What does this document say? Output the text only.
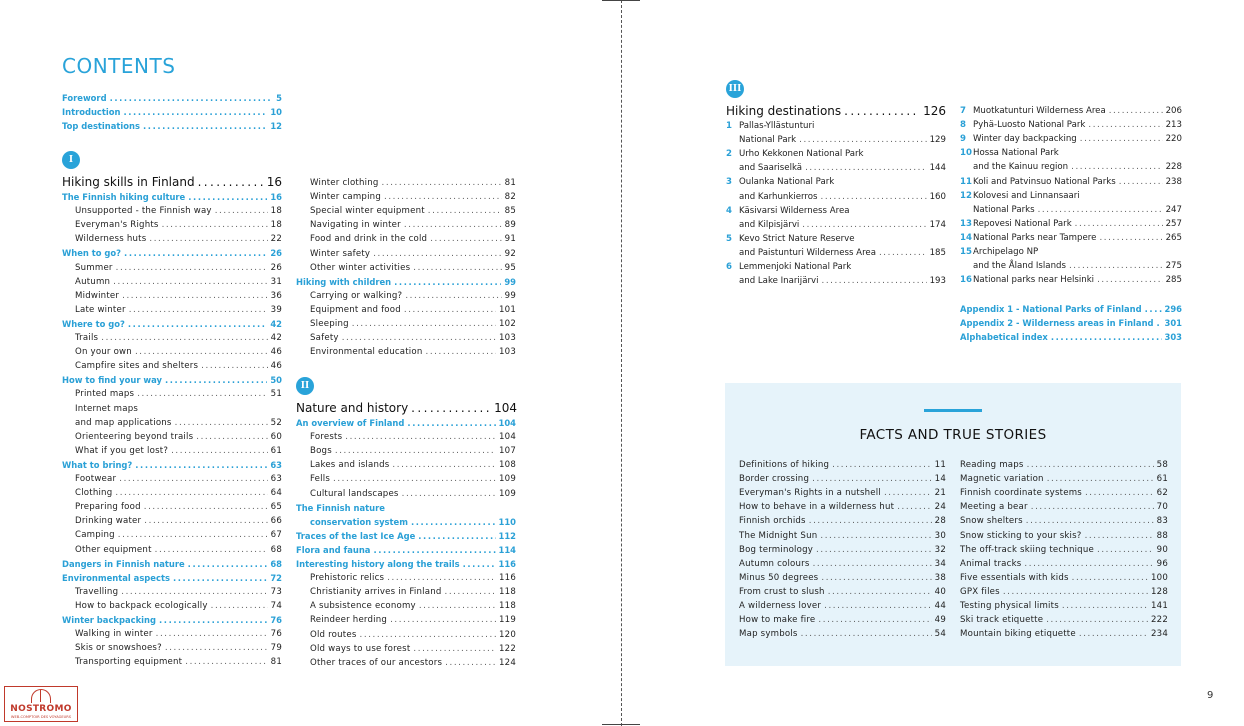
CONTENTS
FACTS AND TRUE STORIES
9
NOSTROMO
WEB-COMPTOIR DES VOYAGEURS
Foreword .....	5
Introduction .....	10
Top destinations .....	12
I
Hiking skills in Finland .....	16
The Finnish hiking culture .....	16
Unsupported - the Finnish way .....	18
Everyman's Rights .....	18
Wilderness huts .....	22
When to go? .....	26
Summer .....	26
Autumn .....	31
Midwinter .....	36
Late winter .....	39
Where to go? .....	42
Trails .....	42
On your own .....	46
Campfire sites and shelters .....	46
How to find your way .....	50
Printed maps .....	51
Internet maps
and map applications .....	52
Orienteering beyond trails .....	60
What if you get lost? .....	61
What to bring? .....	63
Footwear .....	63
Clothing .....	64
Preparing food .....	65
Drinking water .....	66
Camping .....	67
Other equipment .....	68
Dangers in Finnish nature .....	68
Environmental aspects .....	72
Travelling .....	73
How to backpack ecologically .....	74
Winter backpacking .....	76
Walking in winter .....	76
Skis or snowshoes? .....	79
Transporting equipment .....	81
Winter clothing .....	81
Winter camping .....	82
Special winter equipment .....	85
Navigating in winter .....	89
Food and drink in the cold .....	91
Winter safety .....	92
Other winter activities .....	95
Hiking with children .....	99
Carrying or walking? .....	99
Equipment and food .....	101
Sleeping .....	102
Safety .....	103
Environmental education .....	103
II
Nature and history .....	104
An overview of Finland .....	104
Forests .....	104
Bogs .....	107
Lakes and islands .....	108
Fells .....	109
Cultural landscapes .....	109
The Finnish nature
conservation system .....	110
Traces of the last Ice Age .....	112
Flora and fauna .....	114
Interesting history along the trails .....	116
Prehistoric relics .....	116
Christianity arrives in Finland .....	118
A subsistence economy .....	118
Reindeer herding .....	119
Old routes .....	120
Old ways to use forest .....	122
Other traces of our ancestors .....	124
III
Hiking destinations .....	126
1 Pallas-Yllästunturi
National Park .....	129
2 Urho Kekkonen National Park
and Saariselkä .....	144
3 Oulanka National Park
and Karhunkierros .....	160
4 Käsivarsi Wilderness Area
and Kilpisjärvi .....	174
5 Kevo Strict Nature Reserve
and Paistunturi Wilderness Area .....	185
6 Lemmenjoki National Park
and Lake Inarijärvi .....	193
7 Muotkatunturi Wilderness Area .....	206
8 Pyhä-Luosto National Park .....	213
9 Winter day backpacking .....	220
10 Hossa National Park
and the Kainuu region .....	228
11 Koli and Patvinsuo National Parks .....	238
12 Kolovesi and Linnansaari
National Parks .....	247
13 Repovesi National Park .....	257
14 National Parks near Tampere .....	265
15 Archipelago NP
and the Åland Islands .....	275
16 National parks near Helsinki .....	285
Appendix 1 - National Parks of Finland .....	296
Appendix 2 - Wilderness areas in Finland ..... 301
Alphabetical index .....	303
Definitions of hiking .....	11
Border crossing .....	14
Everyman's Rights in a nutshell .....	21
How to behave in a wilderness hut .....	24
Finnish orchids .....	28
The Midnight Sun .....	30
Bog terminology .....	32
Autumn colours .....	34
Minus 50 degrees .....	38
From crust to slush .....	40
A wilderness lover .....	44
How to make fire .....	49
Map symbols .....	54
Reading maps .....	58
Magnetic variation .....	61
Finnish coordinate systems .....	62
Meeting a bear .....	70
Snow shelters .....	83
Snow sticking to your skis? .....	88
The off-track skiing technique .....	90
Animal tracks .....	96
Five essentials with kids .....	100
GPX files .....	128
Testing physical limits .....	141
Ski track etiquette .....	222
Mountain biking etiquette .....	234
